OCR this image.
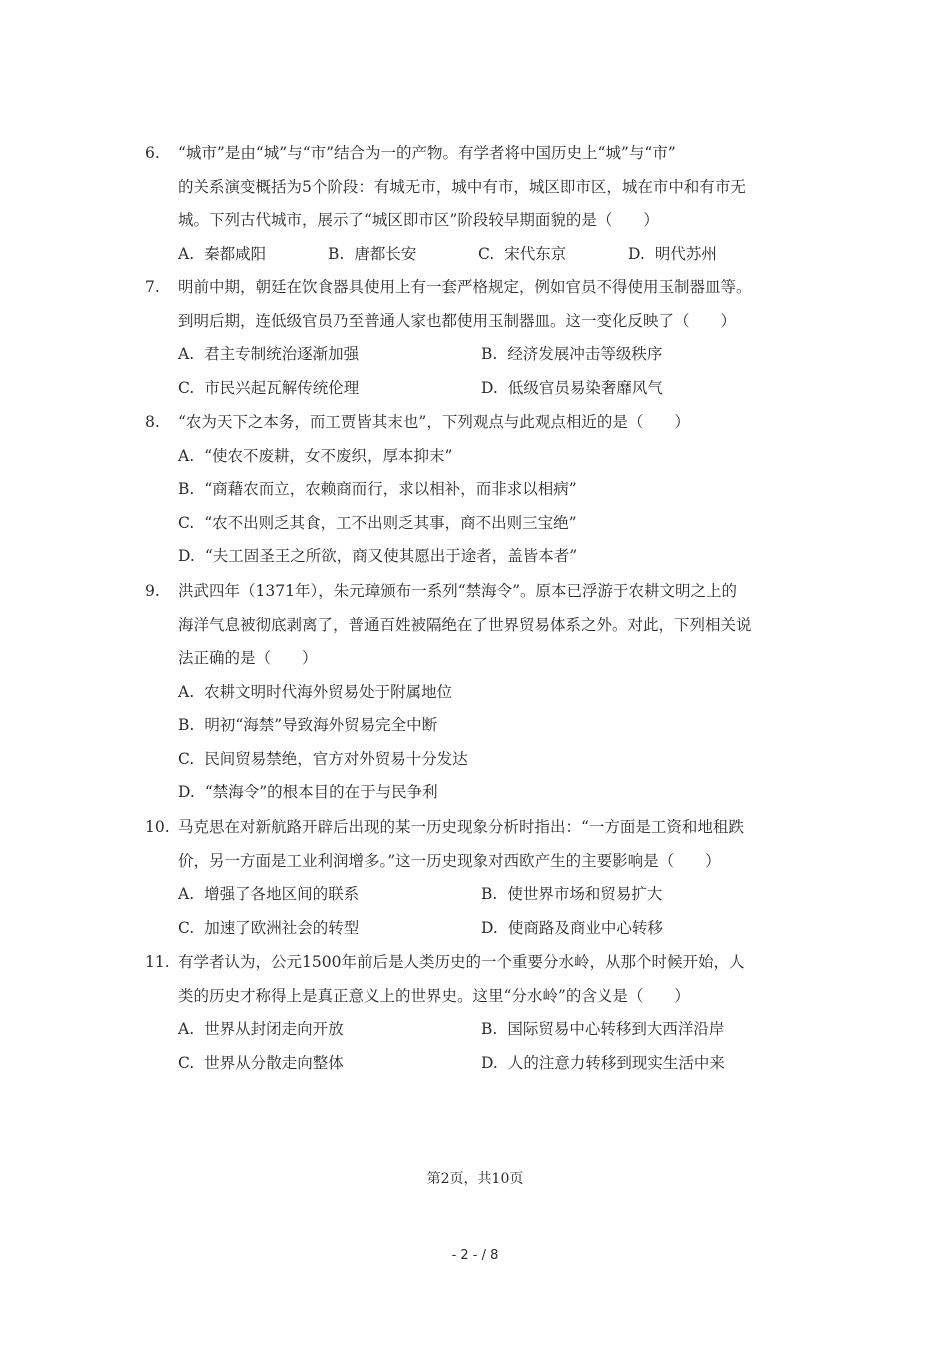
6.	“城市”是由“城”与“市”结合为一的产物。有学者将中国历史上“城”与“市”
的关系演变概括为5个阶段：有城无市，城中有市，城区即市区，城在市中和有市无
城。下列古代城市，展示了“城区即市区”阶段较早期面貌的是（　　）
A. 秦都咸阳	B. 唐都长安	C. 宋代东京	D. 明代苏州
7.	明前中期，朝廷在饮食器具使用上有一套严格规定，例如官员不得使用玉制器皿等。
到明后期，连低级官员乃至普通人家也都使用玉制器皿。这一变化反映了（　　）
A. 君主专制统治逐渐加强	B. 经济发展冲击等级秩序
C. 市民兴起瓦解传统伦理	D. 低级官员易染奢靡风气
8.	“农为天下之本务，而工贾皆其末也”，下列观点与此观点相近的是（　　）
A. “使农不废耕，女不废织，厚本抑末”
B. “商藉农而立，农赖商而行，求以相补，而非求以相病”
C. “农不出则乏其食，工不出则乏其事，商不出则三宝绝”
D. “夫工固圣王之所欲，商又使其愿出于途者，盖皆本者”
9.	洪武四年（1371年），朱元璋颁布一系列“禁海令”。原本已浮游于农耕文明之上的
海洋气息被彻底剥离了，普通百姓被隔绝在了世界贸易体系之外。对此，下列相关说
法正确的是（　　）
A. 农耕文明时代海外贸易处于附属地位
B. 明初“海禁”导致海外贸易完全中断
C. 民间贸易禁绝，官方对外贸易十分发达
D. “禁海令”的根本目的在于与民争利
10. 马克思在对新航路开辟后出现的某一历史现象分析时指出：“一方面是工资和地租跌
价，另一方面是工业利润增多。”这一历史现象对西欧产生的主要影响是（　　）
A. 增强了各地区间的联系	B. 使世界市场和贸易扩大
C. 加速了欧洲社会的转型	D. 使商路及商业中心转移
11. 有学者认为，公元1500年前后是人类历史的一个重要分水岭，从那个时候开始，人
类的历史才称得上是真正意义上的世界史。这里“分水岭”的含义是（　　）
A. 世界从封闭走向开放	B. 国际贸易中心转移到大西洋沿岸
C. 世界从分散走向整体	D. 人的注意力转移到现实生活中来
第2页，共10页
- 2 - / 8
